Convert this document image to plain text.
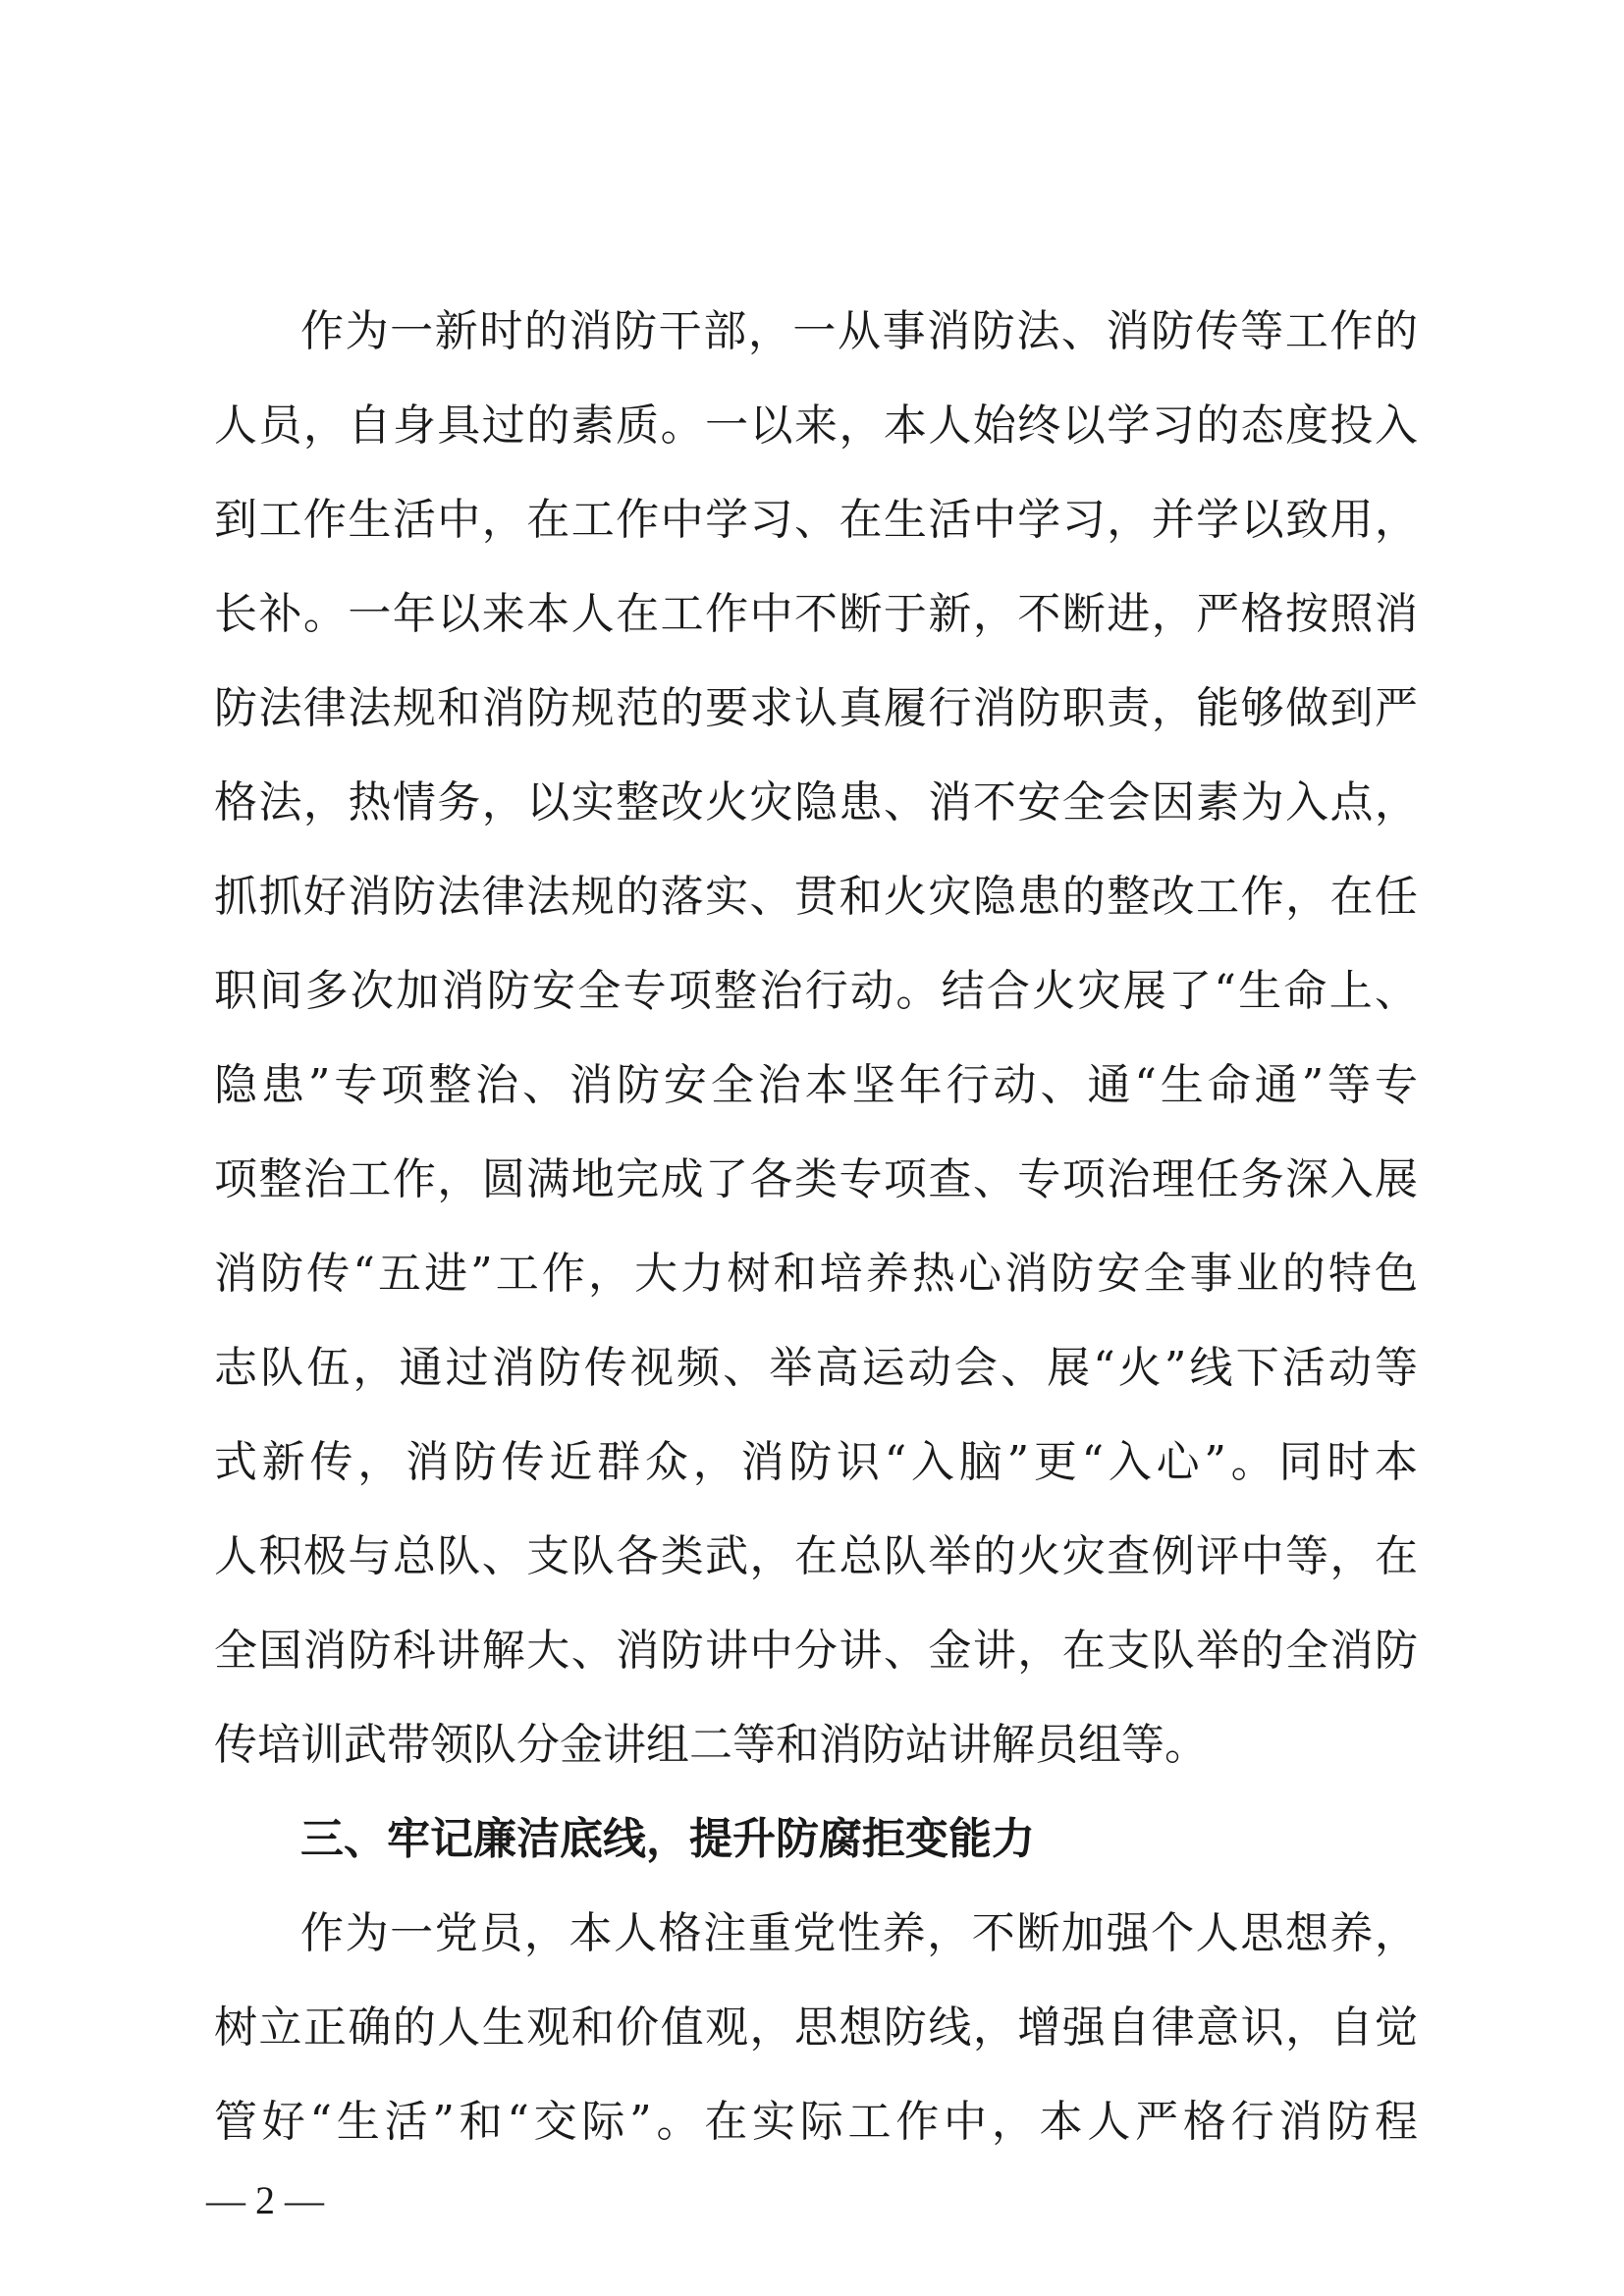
作为一新时的消防干部，一从事消防法、消防传等工作的
人员，自身具过的素质。一以来，本人始终以学习的态度投入
到工作生活中，在工作中学习、在生活中学习，并学以致用，
长补。一年以来本人在工作中不断于新，不断进，严格按照消
防法律法规和消防规范的要求认真履行消防职责，能够做到严
格法，热情务，以实整改火灾隐患、消不安全会因素为入点，
抓抓好消防法律法规的落实、贯和火灾隐患的整改工作，在任
职间多次加消防安全专项整治行动。结合火灾展了“生命上、
隐患”专项整治、消防安全治本坚年行动、通“生命通”等专
项整治工作，圆满地完成了各类专项查、专项治理任务深入展
消防传“五进”工作，大力树和培养热心消防安全事业的特色
志队伍，通过消防传视频、举高运动会、展“火”线下活动等
式新传，消防传近群众，消防识“入脑”更“入心”。同时本
人积极与总队、支队各类武，在总队举的火灾查例评中等，在
全国消防科讲解大、消防讲中分讲、金讲，在支队举的全消防
传培训武带领队分金讲组二等和消防站讲解员组等。
三、牢记廉洁底线，提升防腐拒变能力
作为一党员，本人格注重党性养，不断加强个人思想养，
树立正确的人生观和价值观，思想防线，增强自律意识，自觉
管好“生活”和“交际”。在实际工作中，本人严格行消防程
— 2 —
